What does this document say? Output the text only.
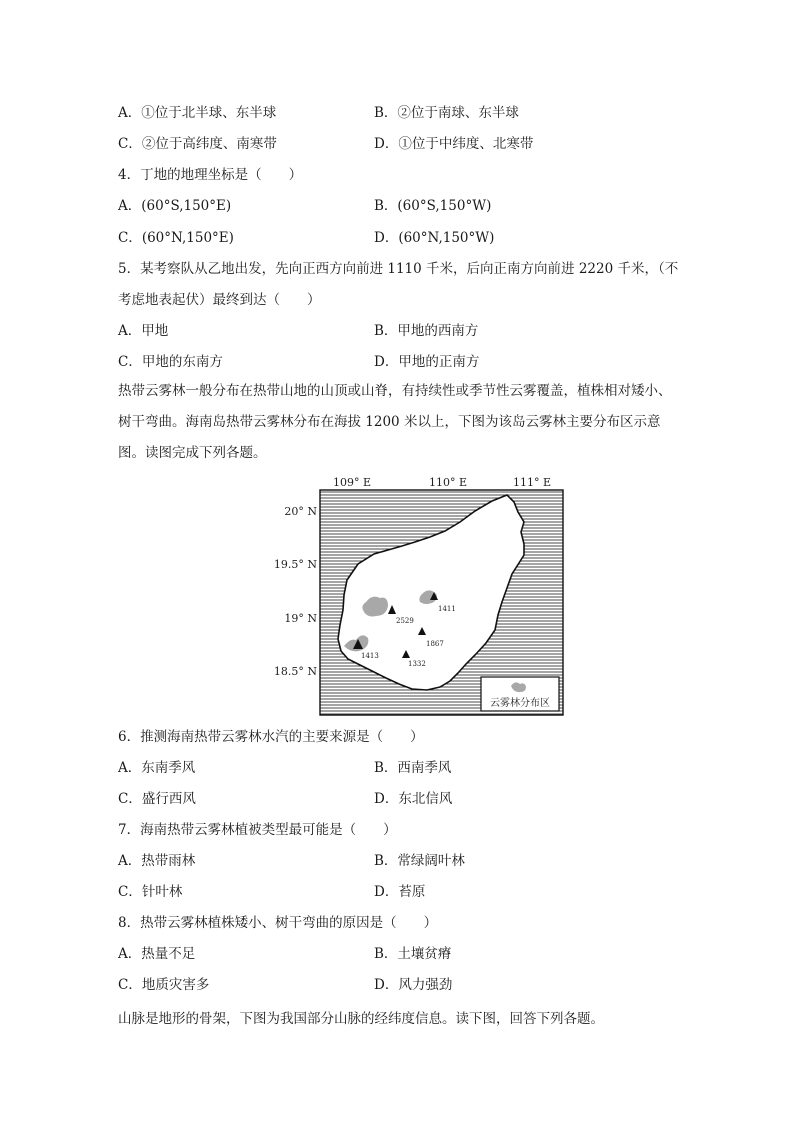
A．①位于北半球、东半球	B．②位于南球、东半球
C．②位于高纬度、南寒带	D．①位于中纬度、北寒带
4．丁地的地理坐标是（　　）
A．(60°S,150°E)	B．(60°S,150°W)
C．(60°N,150°E)	D．(60°N,150°W)
5．某考察队从乙地出发，先向正西方向前进 1110 千米，后向正南方向前进 2220 千米，（不
考虑地表起伏）最终到达（　　）
A．甲地	B．甲地的西南方
C．甲地的东南方	D．甲地的正南方
热带云雾林一般分布在热带山地的山顶或山脊，有持续性或季节性云雾覆盖，植株相对矮小、树干弯曲。海南岛热带云雾林分布在海拔 1200 米以上，下图为该岛云雾林主要分布区示意图。读图完成下列各题。
1411
2529
1867
1413
1332
云雾林分布区
109° E	110° E	111° E
20° N
19.5° N
19° N
18.5° N
6．推测海南热带云雾林水汽的主要来源是（　　）
A．东南季风	B．西南季风
C．盛行西风	D．东北信风
7．海南热带云雾林植被类型最可能是（　　）
A．热带雨林	B．常绿阔叶林
C．针叶林	D．苔原
8．热带云雾林植株矮小、树干弯曲的原因是（　　）
A．热量不足	B．土壤贫瘠
C．地质灾害多	D．风力强劲
山脉是地形的骨架，下图为我国部分山脉的经纬度信息。读下图，回答下列各题。
